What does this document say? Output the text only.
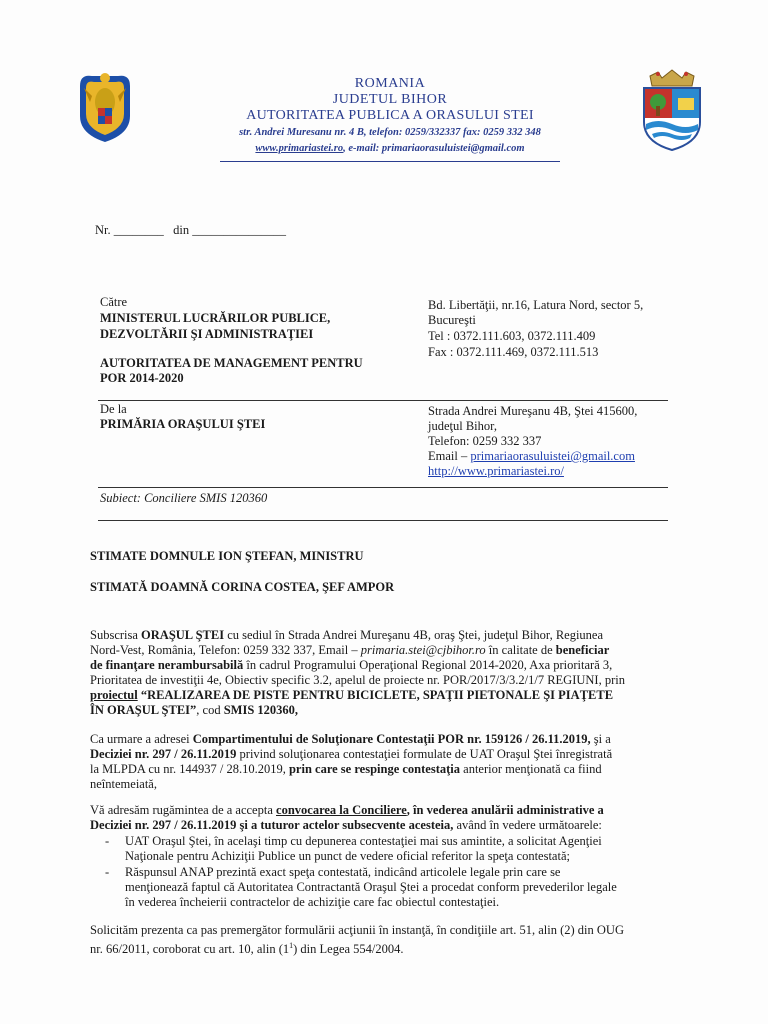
ROMANIA
JUDETUL BIHOR
AUTORITATEA PUBLICA A ORASULUI STEI
str. Andrei Muresanu nr. 4 B, telefon: 0259/332337 fax: 0259 332 348
www.primariastei.ro, e-mail: primariaorasuluistei@gmail.com
Nr. ________ din _______________
Către
MINISTERUL LUCRĂRILOR PUBLICE,
DEZVOLTĂRII ŞI ADMINISTRAŢIEI
AUTORITATEA DE MANAGEMENT PENTRU
POR 2014-2020
Bd. Libertăţii, nr.16, Latura Nord, sector 5,
Bucureşti
Tel : 0372.111.603, 0372.111.409
Fax : 0372.111.469, 0372.111.513
De la
PRIMĂRIA ORAŞULUI ŞTEI
Strada Andrei Mureşanu 4B, Ştei 415600,
judeţul Bihor,
Telefon: 0259 332 337
Email – primariaorasuluistei@gmail.com
http://www.primariastei.ro/
Subiect: Conciliere SMIS 120360
STIMATE DOMNULE ION ŞTEFAN, MINISTRU
STIMATĂ DOAMNĂ CORINA COSTEA, ŞEF AMPOR
Subscrisa ORAŞUL ŞTEI cu sediul în Strada Andrei Mureşanu 4B, oraş Ştei, judeţul Bihor, Regiunea
Nord-Vest, România, Telefon: 0259 332 337, Email – primaria.stei@cjbihor.ro în calitate de beneficiar
de finanţare nerambursabilă în cadrul Programului Operaţional Regional 2014-2020, Axa prioritară 3,
Prioritatea de investiţii 4e, Obiectiv specific 3.2, apelul de proiecte nr. POR/2017/3/3.2/1/7 REGIUNI, prin
proiectul “REALIZAREA DE PISTE PENTRU BICICLETE, SPAŢII PIETONALE ŞI PIAŢETE
ÎN ORAŞUL ŞTEI”, cod SMIS 120360,
Ca urmare a adresei Compartimentului de Soluţionare Contestaţii POR nr. 159126 / 26.11.2019, şi a
Deciziei nr. 297 / 26.11.2019 privind soluţionarea contestaţiei formulate de UAT Oraşul Ştei înregistrată
la MLPDA cu nr. 144937 / 28.10.2019, prin care se respinge contestaţia anterior menţionată ca fiind
neîntemeiată,
Vă adresăm rugămintea de a accepta convocarea la Conciliere, în vederea anulării administrative a
Deciziei nr. 297 / 26.11.2019 şi a tuturor actelor subsecvente acesteia, având în vedere următoarele:
- UAT Oraşul Ştei, în acelaşi timp cu depunerea contestaţiei mai sus amintite, a solicitat Agenţiei
Naţionale pentru Achiziţii Publice un punct de vedere oficial referitor la speţa contestată;
- Răspunsul ANAP prezintă exact speţa contestată, indicând articolele legale prin care se
menţionează faptul că Autoritatea Contractantă Oraşul Ştei a procedat conform prevederilor legale
în vederea încheierii contractelor de achiziţie care fac obiectul contestaţiei.
Solicităm prezenta ca pas premergător formulării acţiunii în instanţă, în condiţiile art. 51, alin (2) din OUG
nr. 66/2011, coroborat cu art. 10, alin $(1^1)$ din Legea 554/2004.
